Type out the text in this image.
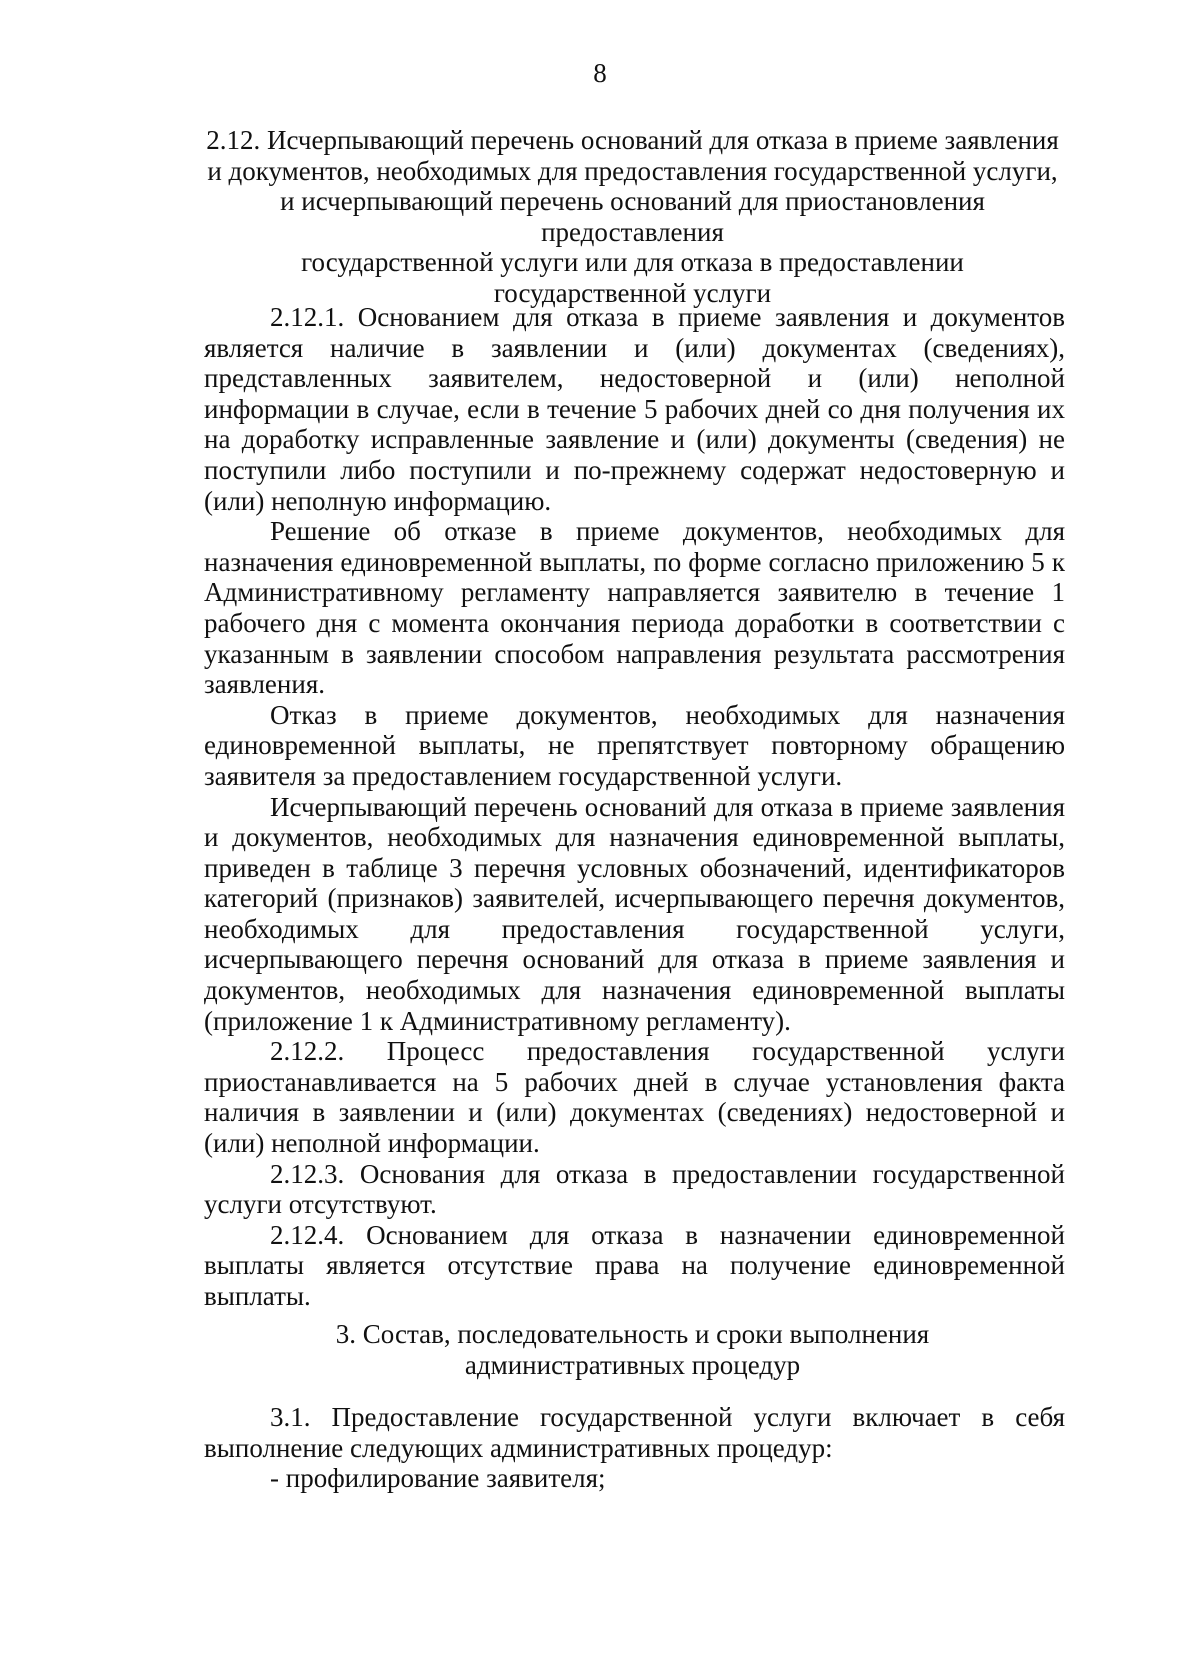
8
2.12. Исчерпывающий перечень оснований для отказа в приеме заявления
и документов, необходимых для предоставления государственной услуги,
и исчерпывающий перечень оснований для приостановления предоставления
государственной услуги или для отказа в предоставлении
государственной услуги

2.12.1. Основанием для отказа в приеме заявления и документов является наличие в заявлении и (или) документах (сведениях), представленных заявителем, недостоверной и (или) неполной информации в случае, если в течение 5 рабочих дней со дня получения их на доработку исправленные заявление и (или) документы (сведения) не поступили либо поступили и по-прежнему содержат недостоверную и (или) неполную информацию.

Решение об отказе в приеме документов, необходимых для назначения единовременной выплаты, по форме согласно приложению 5 к Административному регламенту направляется заявителю в течение 1 рабочего дня с момента окончания периода доработки в соответствии с указанным в заявлении способом направления результата рассмотрения заявления.

Отказ в приеме документов, необходимых для назначения единовременной выплаты, не препятствует повторному обращению заявителя за предоставлением государственной услуги.

Исчерпывающий перечень оснований для отказа в приеме заявления и документов, необходимых для назначения единовременной выплаты, приведен в таблице 3 перечня условных обозначений, идентификаторов категорий (признаков) заявителей, исчерпывающего перечня документов, необходимых для предоставления государственной услуги, исчерпывающего перечня оснований для отказа в приеме заявления и документов, необходимых для назначения единовременной выплаты (приложение 1 к Административному регламенту).

2.12.2. Процесс предоставления государственной услуги приостанавливается на 5 рабочих дней в случае установления факта наличия в заявлении и (или) документах (сведениях) недостоверной и (или) неполной информации.

2.12.3. Основания для отказа в предоставлении государственной услуги отсутствуют.

2.12.4. Основанием для отказа в назначении единовременной выплаты является отсутствие права на получение единовременной выплаты.

3. Состав, последовательность и сроки выполнения
административных процедур

3.1. Предоставление государственной услуги включает в себя выполнение следующих административных процедур:

- профилирование заявителя;
